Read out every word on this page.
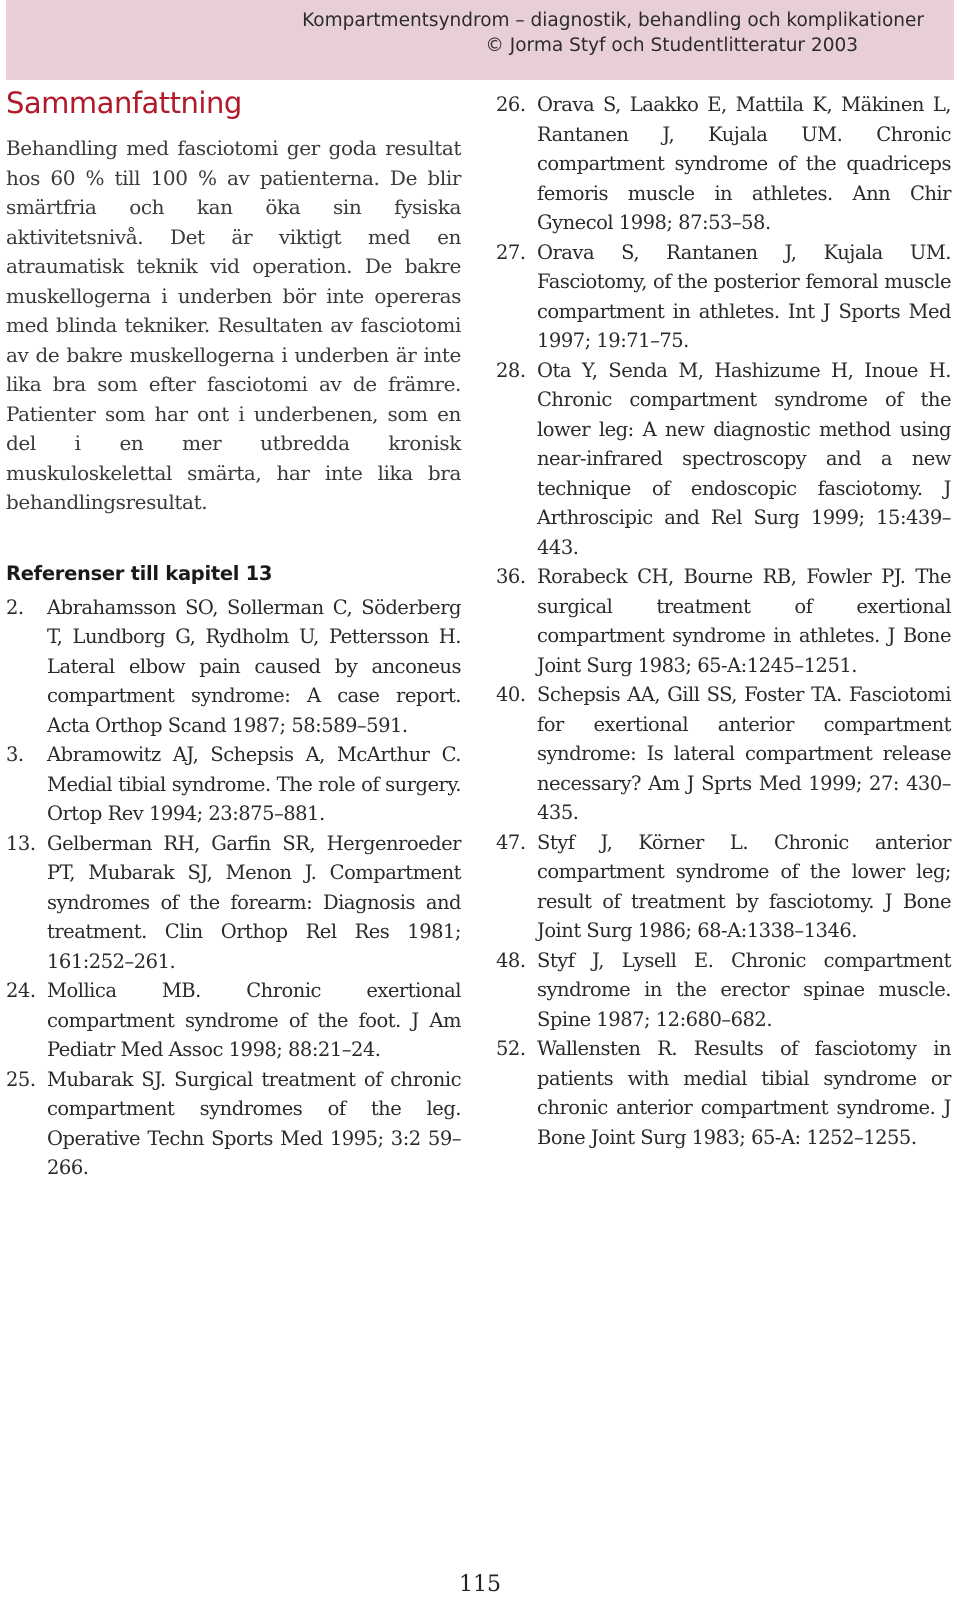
Kompartmentsyndrom – diagnostik, behandling och komplikationer
© Jorma Styf och Studentlitteratur 2003
Sammanfattning

Behandling med fasciotomi ger goda resultat hos 60 % till 100 % av patienterna. De blir smärtfria och kan öka sin fysiska aktivitetsnivå. Det är viktigt med en atraumatisk teknik vid operation. De bakre muskellogerna i underben bör inte opereras med blinda tekniker. Resultaten av fasciotomi av de bakre muskellogerna i underben är inte lika bra som efter fasciotomi av de främre. Patienter som har ont i underbenen, som en del i en mer utbredda kronisk muskuloskelettal smärta, har inte lika bra behandlingsresultat.

Referenser till kapitel 13
2. Abrahamsson SO, Sollerman C, Söderberg T, Lundborg G, Rydholm U, Pettersson H. Lateral elbow pain caused by anconeus compartment syndrome: A case report. Acta Orthop Scand 1987; 58:589–591.
3. Abramowitz AJ, Schepsis A, McArthur C. Medial tibial syndrome. The role of surgery. Ortop Rev 1994; 23:875–881.
13. Gelberman RH, Garfin SR, Hergenroeder PT, Mubarak SJ, Menon J. Compartment syndromes of the forearm: Diagnosis and treatment. Clin Orthop Rel Res 1981; 161:252–261.
24. Mollica MB. Chronic exertional compartment syndrome of the foot. J Am Pediatr Med Assoc 1998; 88:21–24.
25. Mubarak SJ. Surgical treatment of chronic compartment syndromes of the leg. Operative Techn Sports Med 1995; 3:2 59–266.
26. Orava S, Laakko E, Mattila K, Mäkinen L, Rantanen J, Kujala UM. Chronic compartment syndrome of the quadriceps femoris muscle in athletes. Ann Chir Gynecol 1998; 87:53–58.
27. Orava S, Rantanen J, Kujala UM. Fasciotomy, of the posterior femoral muscle compartment in athletes. Int J Sports Med 1997; 19:71–75.
28. Ota Y, Senda M, Hashizume H, Inoue H. Chronic compartment syndrome of the lower leg: A new diagnostic method using near-infrared spectroscopy and a new technique of endoscopic fasciotomy. J Arthroscipic and Rel Surg 1999; 15:439–443.
36. Rorabeck CH, Bourne RB, Fowler PJ. The surgical treatment of exertional compartment syndrome in athletes. J Bone Joint Surg 1983; 65-A:1245–1251.
40. Schepsis AA, Gill SS, Foster TA. Fasciotomi for exertional anterior compartment syndrome: Is lateral compartment release necessary? Am J Sprts Med 1999; 27: 430–435.
47. Styf J, Körner L. Chronic anterior compartment syndrome of the lower leg; result of treatment by fasciotomy. J Bone Joint Surg 1986; 68-A:1338–1346.
48. Styf J, Lysell E. Chronic compartment syndrome in the erector spinae muscle. Spine 1987; 12:680–682.
52. Wallensten R. Results of fasciotomy in patients with medial tibial syndrome or chronic anterior compartment syndrome. J Bone Joint Surg 1983; 65-A: 1252–1255.
115
